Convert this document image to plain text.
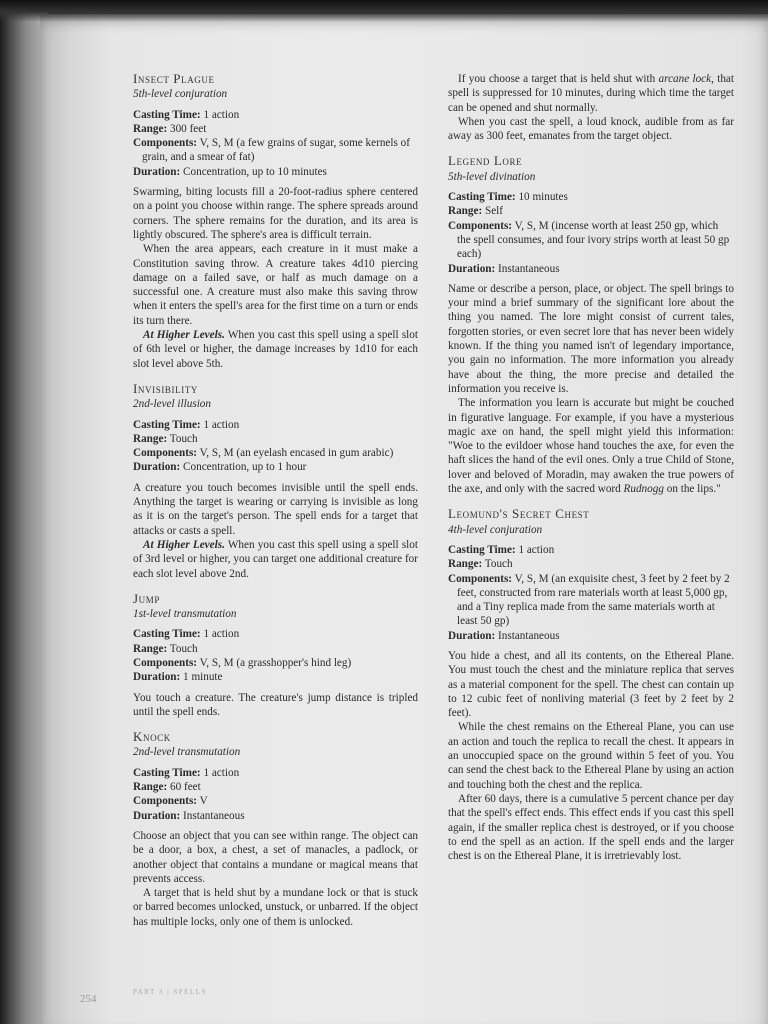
Insect Plague

5th-level conjuration

Casting Time: 1 action

Range: 300 feet

Components: V, S, M (a few grains of sugar, some kernels of grain, and a smear of fat)

Duration: Concentration, up to 10 minutes

Swarming, biting locusts fill a 20-foot-radius sphere centered on a point you choose within range. The sphere spreads around corners. The sphere remains for the duration, and its area is lightly obscured. The sphere's area is difficult terrain.

When the area appears, each creature in it must make a Constitution saving throw. A creature takes 4d10 piercing damage on a failed save, or half as much damage on a successful one. A creature must also make this saving throw when it enters the spell's area for the first time on a turn or ends its turn there.

At Higher Levels. When you cast this spell using a spell slot of 6th level or higher, the damage increases by 1d10 for each slot level above 5th.

Invisibility

2nd-level illusion

Casting Time: 1 action

Range: Touch

Components: V, S, M (an eyelash encased in gum arabic)

Duration: Concentration, up to 1 hour

A creature you touch becomes invisible until the spell ends. Anything the target is wearing or carrying is invisible as long as it is on the target's person. The spell ends for a target that attacks or casts a spell.

At Higher Levels. When you cast this spell using a spell slot of 3rd level or higher, you can target one additional creature for each slot level above 2nd.

Jump

1st-level transmutation

Casting Time: 1 action

Range: Touch

Components: V, S, M (a grasshopper's hind leg)

Duration: 1 minute

You touch a creature. The creature's jump distance is tripled until the spell ends.

Knock

2nd-level transmutation

Casting Time: 1 action

Range: 60 feet

Components: V

Duration: Instantaneous

Choose an object that you can see within range. The object can be a door, a box, a chest, a set of manacles, a padlock, or another object that contains a mundane or magical means that prevents access.

A target that is held shut by a mundane lock or that is stuck or barred becomes unlocked, unstuck, or unbarred. If the object has multiple locks, only one of them is unlocked.

If you choose a target that is held shut with arcane lock, that spell is suppressed for 10 minutes, during which time the target can be opened and shut normally.

When you cast the spell, a loud knock, audible from as far away as 300 feet, emanates from the target object.

Legend Lore

5th-level divination

Casting Time: 10 minutes

Range: Self

Components: V, S, M (incense worth at least 250 gp, which the spell consumes, and four ivory strips worth at least 50 gp each)

Duration: Instantaneous

Name or describe a person, place, or object. The spell brings to your mind a brief summary of the significant lore about the thing you named. The lore might consist of current tales, forgotten stories, or even secret lore that has never been widely known. If the thing you named isn't of legendary importance, you gain no information. The more information you already have about the thing, the more precise and detailed the information you receive is.

The information you learn is accurate but might be couched in figurative language. For example, if you have a mysterious magic axe on hand, the spell might yield this information: "Woe to the evildoer whose hand touches the axe, for even the haft slices the hand of the evil ones. Only a true Child of Stone, lover and beloved of Moradin, may awaken the true powers of the axe, and only with the sacred word Rudnogg on the lips."

Leomund's Secret Chest

4th-level conjuration

Casting Time: 1 action

Range: Touch

Components: V, S, M (an exquisite chest, 3 feet by 2 feet by 2 feet, constructed from rare materials worth at least 5,000 gp, and a Tiny replica made from the same materials worth at least 50 gp)

Duration: Instantaneous

You hide a chest, and all its contents, on the Ethereal Plane. You must touch the chest and the miniature replica that serves as a material component for the spell. The chest can contain up to 12 cubic feet of nonliving material (3 feet by 2 feet by 2 feet).

While the chest remains on the Ethereal Plane, you can use an action and touch the replica to recall the chest. It appears in an unoccupied space on the ground within 5 feet of you. You can send the chest back to the Ethereal Plane by using an action and touching both the chest and the replica.

After 60 days, there is a cumulative 5 percent chance per day that the spell's effect ends. This effect ends if you cast this spell again, if the smaller replica chest is destroyed, or if you choose to end the spell as an action. If the spell ends and the larger chest is on the Ethereal Plane, it is irretrievably lost.

254
PART 3 | SPELLS
